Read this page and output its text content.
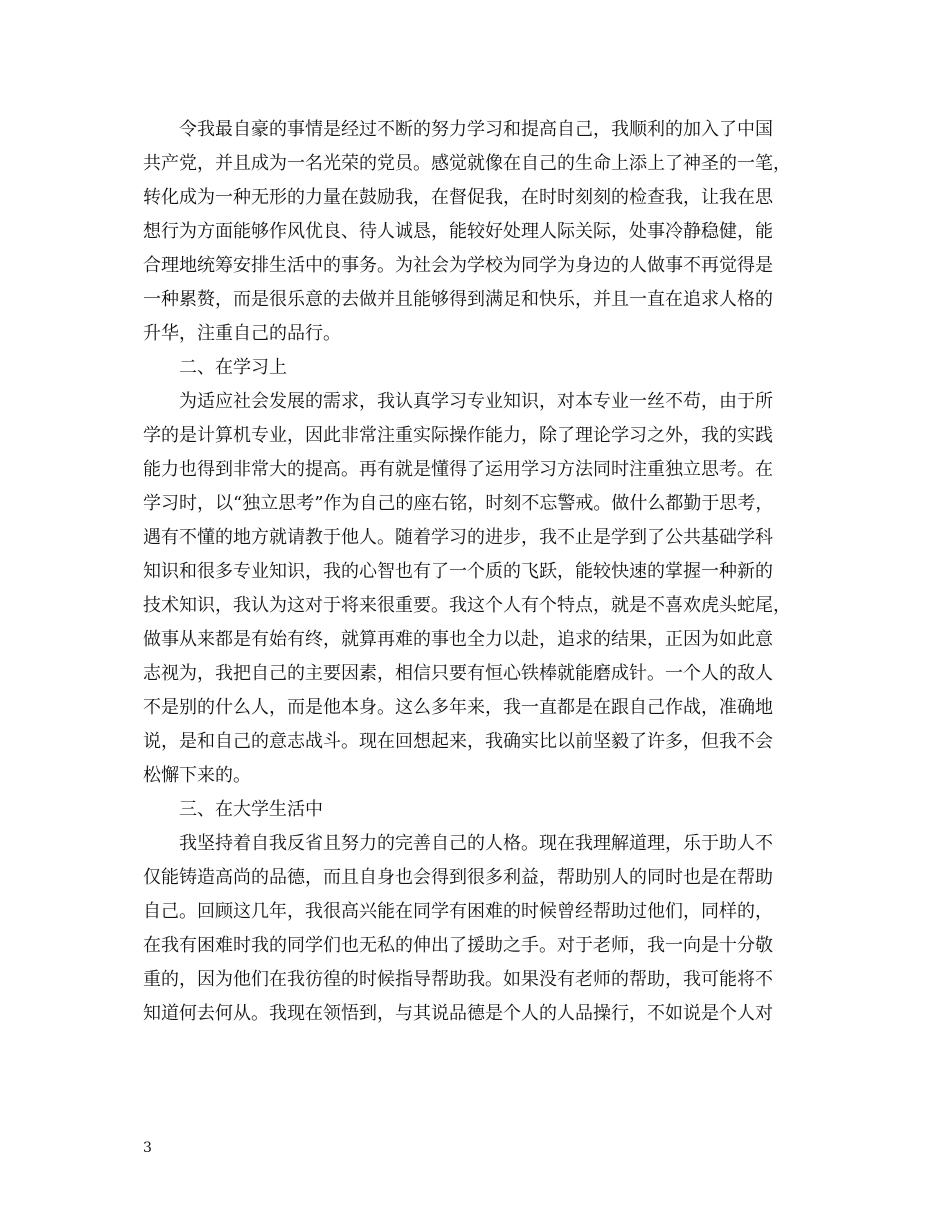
令我最自豪的事情是经过不断的努力学习和提高自己，我顺利的加入了中国
共产党，并且成为一名光荣的党员。感觉就像在自己的生命上添上了神圣的一笔，
转化成为一种无形的力量在鼓励我，在督促我，在时时刻刻的检查我，让我在思
想行为方面能够作风优良、待人诚恳，能较好处理人际关际，处事冷静稳健，能
合理地统筹安排生活中的事务。为社会为学校为同学为身边的人做事不再觉得是
一种累赘，而是很乐意的去做并且能够得到满足和快乐，并且一直在追求人格的
升华，注重自己的品行。
二、在学习上
为适应社会发展的需求，我认真学习专业知识，对本专业一丝不苟，由于所
学的是计算机专业，因此非常注重实际操作能力，除了理论学习之外，我的实践
能力也得到非常大的提高。再有就是懂得了运用学习方法同时注重独立思考。在
学习时，以“独立思考”作为自己的座右铭，时刻不忘警戒。做什么都勤于思考，
遇有不懂的地方就请教于他人。随着学习的进步，我不止是学到了公共基础学科
知识和很多专业知识，我的心智也有了一个质的飞跃，能较快速的掌握一种新的
技术知识，我认为这对于将来很重要。我这个人有个特点，就是不喜欢虎头蛇尾，
做事从来都是有始有终，就算再难的事也全力以赴，追求的结果，正因为如此意
志视为，我把自己的主要因素，相信只要有恒心铁棒就能磨成针。一个人的敌人
不是别的什么人，而是他本身。这么多年来，我一直都是在跟自己作战，准确地
说，是和自己的意志战斗。现在回想起来，我确实比以前坚毅了许多，但我不会
松懈下来的。
三、在大学生活中
我坚持着自我反省且努力的完善自己的人格。现在我理解道理，乐于助人不
仅能铸造高尚的品德，而且自身也会得到很多利益，帮助别人的同时也是在帮助
自己。回顾这几年，我很高兴能在同学有困难的时候曾经帮助过他们，同样的，
在我有困难时我的同学们也无私的伸出了援助之手。对于老师，我一向是十分敬
重的，因为他们在我彷徨的时候指导帮助我。如果没有老师的帮助，我可能将不
知道何去何从。我现在领悟到，与其说品德是个人的人品操行，不如说是个人对
3
